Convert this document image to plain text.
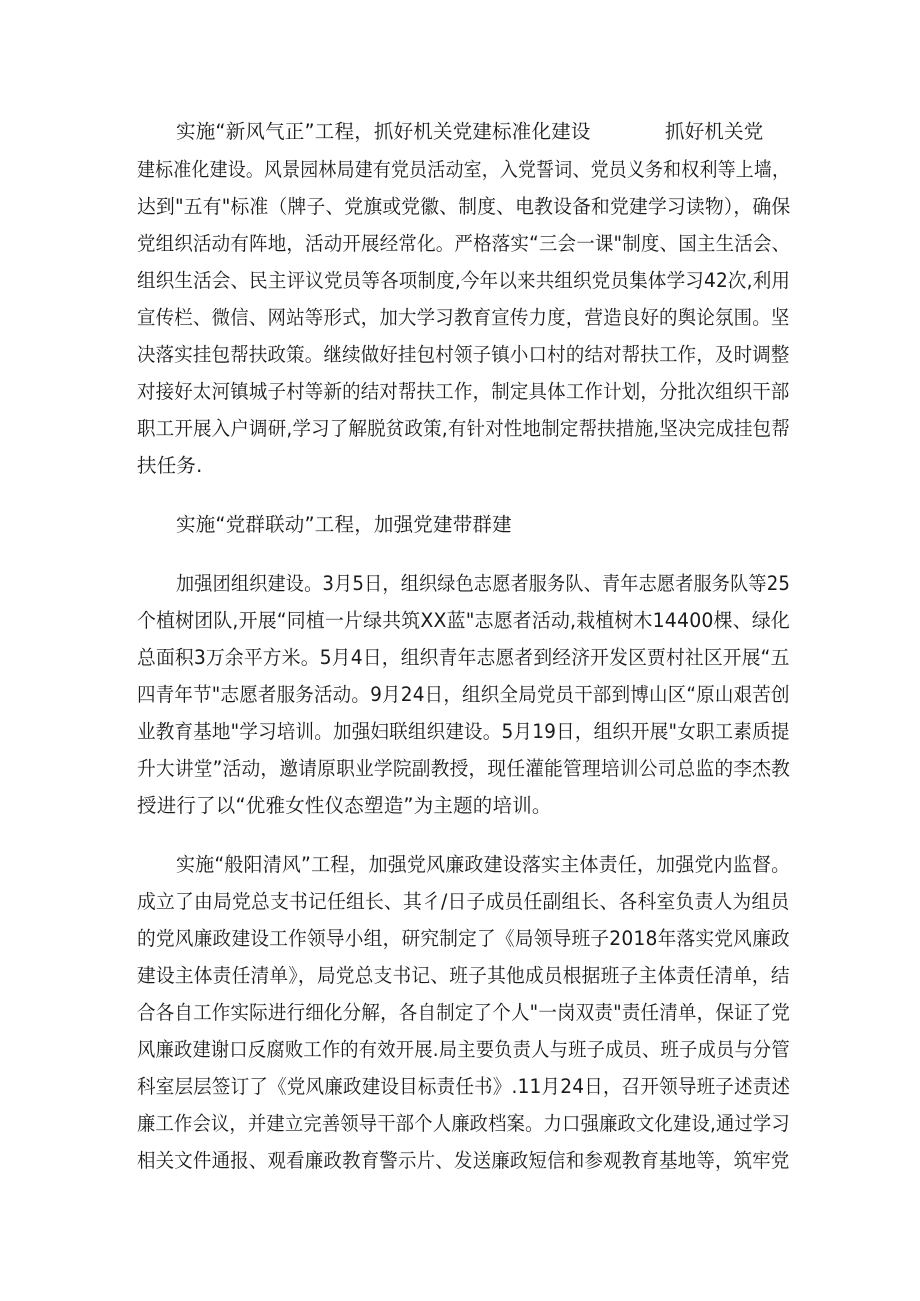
实施“新风气正”工程，抓好机关党建标准化建设	抓好机关党
建标准化建设。风景园林局建有党员活动室，入党誓词、党员义务和权利等上墙，
达到"五有"标准（牌子、党旗或党徽、制度、电教设备和党建学习读物），确保
党组织活动有阵地，活动开展经常化。严格落实“三会一课"制度、国主生活会、
组织生活会、民主评议党员等各项制度,今年以来共组织党员集体学习42次,利用
宣传栏、微信、网站等形式，加大学习教育宣传力度，营造良好的舆论氛围。坚
决落实挂包帮扶政策。继续做好挂包村领子镇小口村的结对帮扶工作，及时调整
对接好太河镇城子村等新的结对帮扶工作，制定具体工作计划，分批次组织干部
职工开展入户调研,学习了解脱贫政策,有针对性地制定帮扶措施,坚决完成挂包帮
扶任务.
实施“党群联动”工程，加强党建带群建
加强团组织建设。3月5日，组织绿色志愿者服务队、青年志愿者服务队等25
个植树团队,开展“同植一片绿共筑XX蓝"志愿者活动,栽植树木14400棵、绿化
总面积3万余平方米。5月4日，组织青年志愿者到经济开发区贾村社区开展“五
四青年节"志愿者服务活动。9月24日，组织全局党员干部到博山区“原山艰苦创
业教育基地"学习培训。加强妇联组织建设。5月19日，组织开展"女职工素质提
升大讲堂”活动，邀请原职业学院副教授，现任灌能管理培训公司总监的李杰教
授进行了以“优雅女性仪态塑造”为主题的培训。
实施“般阳清风”工程，加强党风廉政建设落实主体责任，加强党内监督。
成立了由局党总支书记任组长、其彳/日子成员任副组长、各科室负责人为组员
的党风廉政建设工作领导小组，研究制定了《局领导班子2018年落实党风廉政
建设主体责任清单》，局党总支书记、班子其他成员根据班子主体责任清单，结
合各自工作实际进行细化分解，各自制定了个人"一岗双责"责任清单，保证了党
风廉政建谢口反腐败工作的有效开展.局主要负责人与班子成员、班子成员与分管
科室层层签订了《党风廉政建设目标责任书》.11月24日，召开领导班子述责述
廉工作会议，并建立完善领导干部个人廉政档案。力口强廉政文化建设,通过学习
相关文件通报、观看廉政教育警示片、发送廉政短信和参观教育基地等，筑牢党
